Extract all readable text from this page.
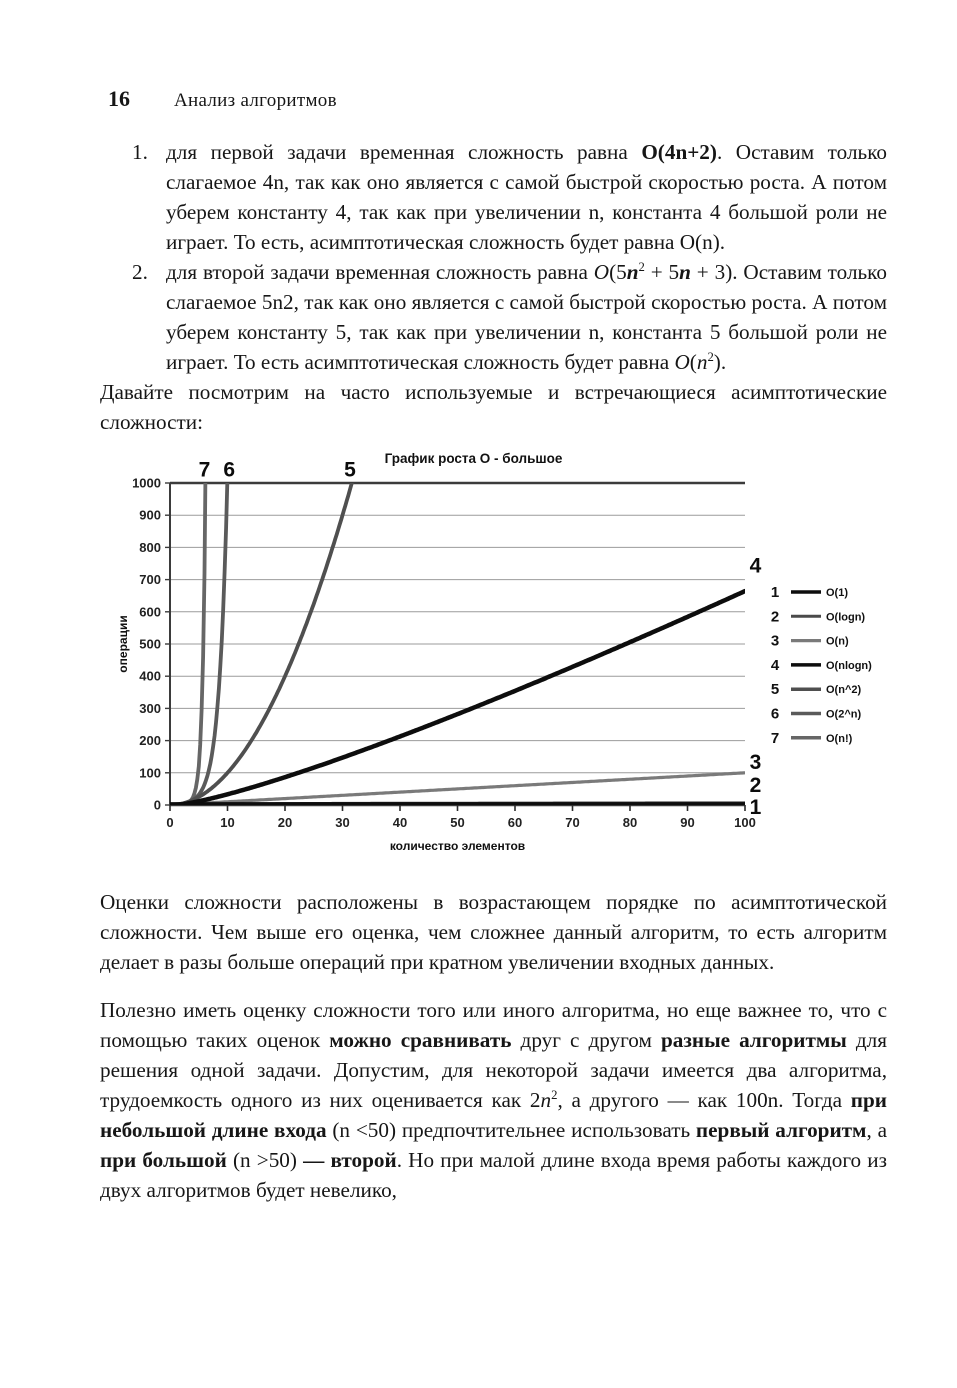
16 Анализ алгоритмов
1. для первой задачи временная сложность равна O(4n+2). Оставим только слагаемое 4n, так как оно является с самой быстрой скоростью роста. А потом уберем константу 4, так как при увеличении n, константа 4 большой роли не играет. То есть, асимптотическая сложность будет равна O(n).
2. для второй задачи временная сложность равна $O(5n^2 + 5n + 3)$. Оставим только слагаемое 5n2, так как оно является с самой быстрой скоростью роста. А потом уберем константу 5, так как при увеличении n, константа 5 большой роли не играет. То есть асимптотическая сложность будет равна $O(n^2)$.

Давайте посмотрим на часто используемые и встречающиеся асимптотические сложности:

0
100
200
300
400
500
600
700
800
900
1000
0	10	20	30	40	50	60	70	80	90	100
График роста О - большое
количество элементов
операции
1
2
3
4
5
6
7
1	O(1)
2	O(logn)
3	O(n)
4	O(nlogn)
5	O(n^2)
6	O(2^n)
7	O(n!)

Оценки сложности расположены в возрастающем порядке по асимптотической сложности. Чем выше его оценка, чем сложнее данный алгоритм, то есть алгоритм делает в разы больше операций при кратном увеличении входных данных.

Полезно иметь оценку сложности того или иного алгоритма, но еще важнее то, что с помощью таких оценок можно сравнивать друг с другом разные алгоритмы для решения одной задачи. Допустим, для некоторой задачи имеется два алгоритма, трудоемкость одного из них оценивается как $2n^2$, а другого — как 100n. Тогда при небольшой длине входа (n <50) предпочтительнее использовать первый алгоритм, а при большой (n >50) — второй. Но при малой длине входа время работы каждого из двух алгоритмов будет невелико,
